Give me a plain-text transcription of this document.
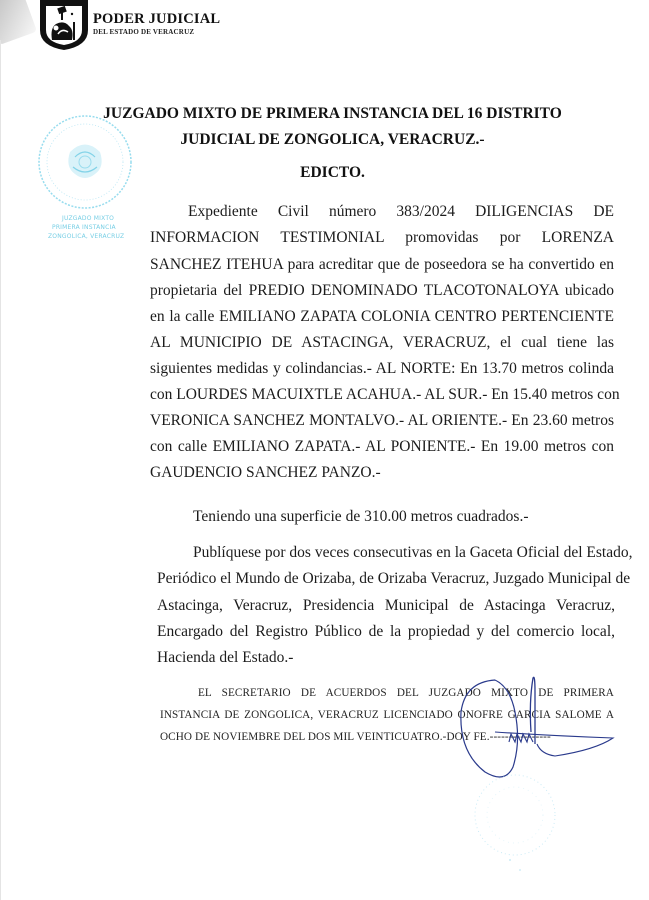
PODER JUDICIAL
DEL ESTADO DE VERACRUZ
JUZGADO MIXTO
PRIMERA INSTANCIA
ZONGOLICA, VERACRUZ
JUZGADO MIXTO DE PRIMERA INSTANCIA DEL 16 DISTRITO
JUDICIAL DE ZONGOLICA, VERACRUZ.-
EDICTO.
Expediente Civil número 383/2024 DILIGENCIAS DE
INFORMACION TESTIMONIAL promovidas por LORENZA
SANCHEZ ITEHUA para acreditar que de poseedora se ha convertido en
propietaria del PREDIO DENOMINADO TLACOTONALOYA ubicado
en la calle EMILIANO ZAPATA COLONIA CENTRO PERTENCIENTE
AL MUNICIPIO DE ASTACINGA, VERACRUZ, el cual tiene las
siguientes medidas y colindancias.- AL NORTE: En 13.70 metros colinda
con LOURDES MACUIXTLE ACAHUA.- AL SUR.- En 15.40 metros con
VERONICA SANCHEZ MONTALVO.- AL ORIENTE.- En 23.60 metros
con calle EMILIANO ZAPATA.- AL PONIENTE.- En 19.00 metros con
GAUDENCIO SANCHEZ PANZO.-
Teniendo una superficie de 310.00 metros cuadrados.-
Publíquese por dos veces consecutivas en la Gaceta Oficial del Estado,
Periódico el Mundo de Orizaba, de Orizaba Veracruz, Juzgado Municipal de
Astacinga, Veracruz, Presidencia Municipal de Astacinga Veracruz,
Encargado del Registro Público de la propiedad y del comercio local,
Hacienda del Estado.-
EL SECRETARIO DE ACUERDOS DEL JUZGADO MIXTO DE PRIMERA
INSTANCIA DE ZONGOLICA, VERACRUZ LICENCIADO ONOFRE GARCIA SALOME A
OCHO DE NOVIEMBRE DEL DOS MIL VEINTICUATRO.-DOY FE.----------------
